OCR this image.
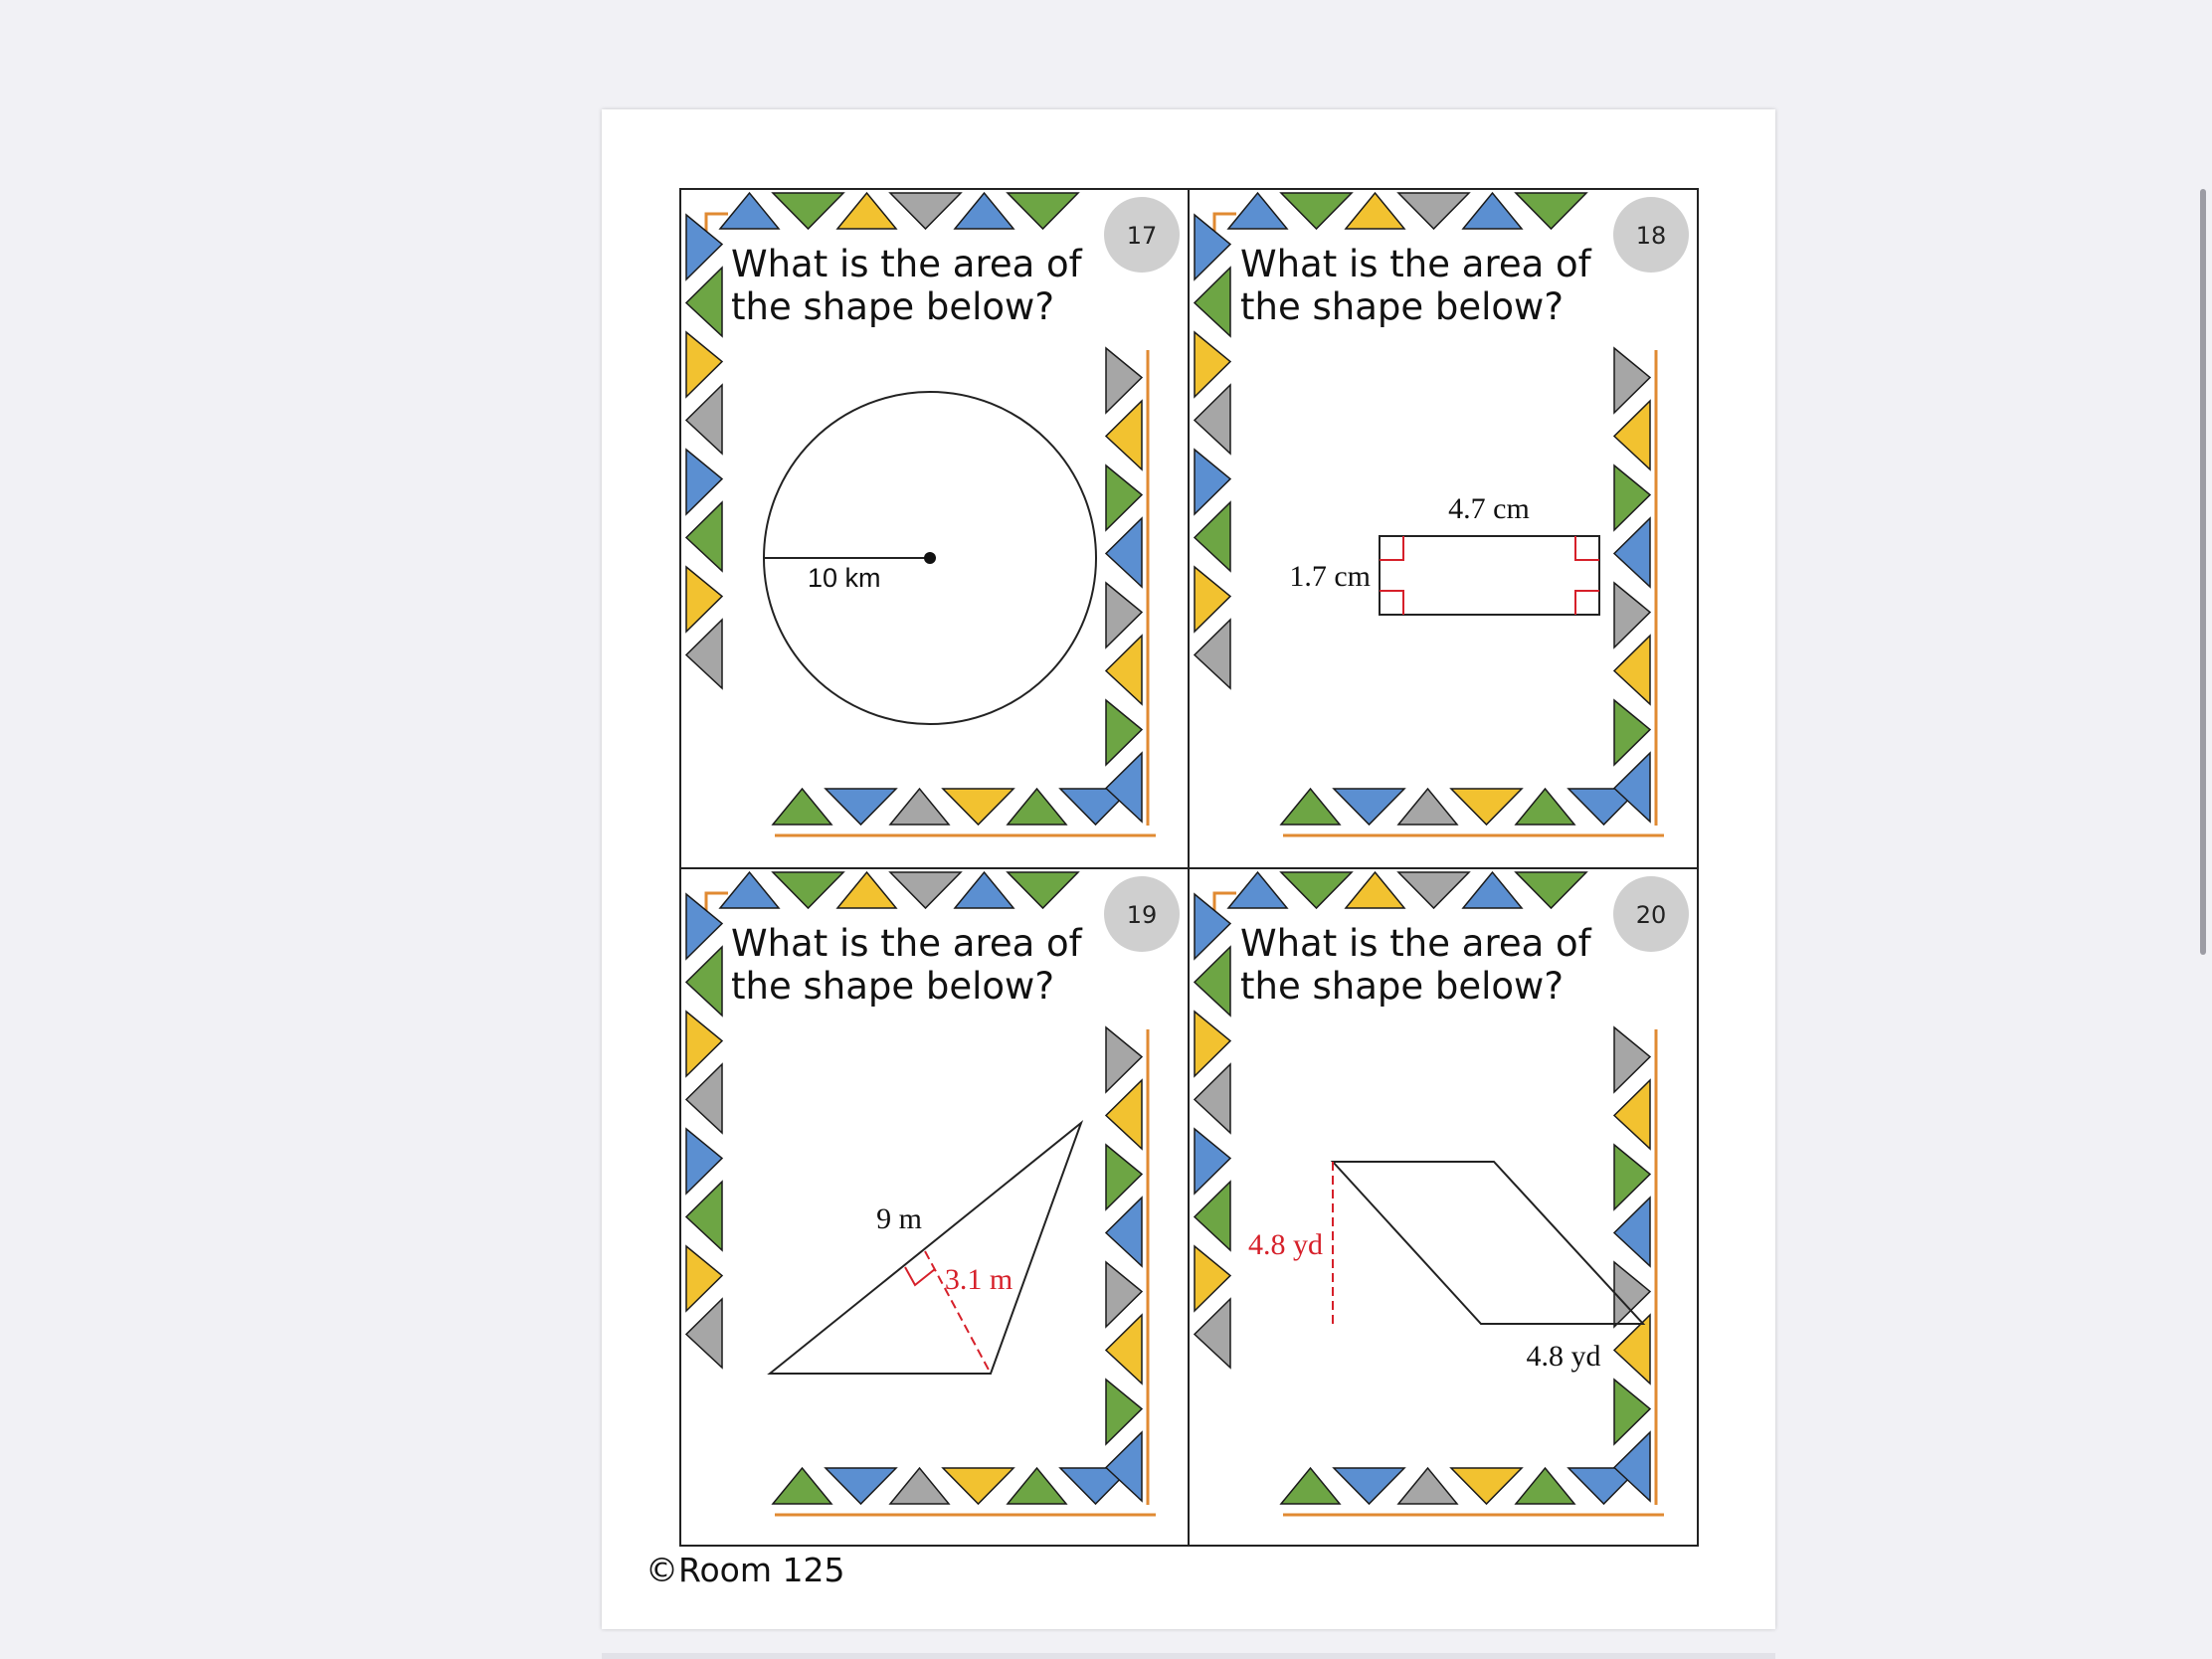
17
What is the area of
the shape below?
10 km
18
What is the area of
the shape below?
4.7 cm
1.7 cm
19
What is the area of
the shape below?
9 m
3.1 m
20
What is the area of
the shape below?
4.8 yd
4.8 yd
©Room 125
